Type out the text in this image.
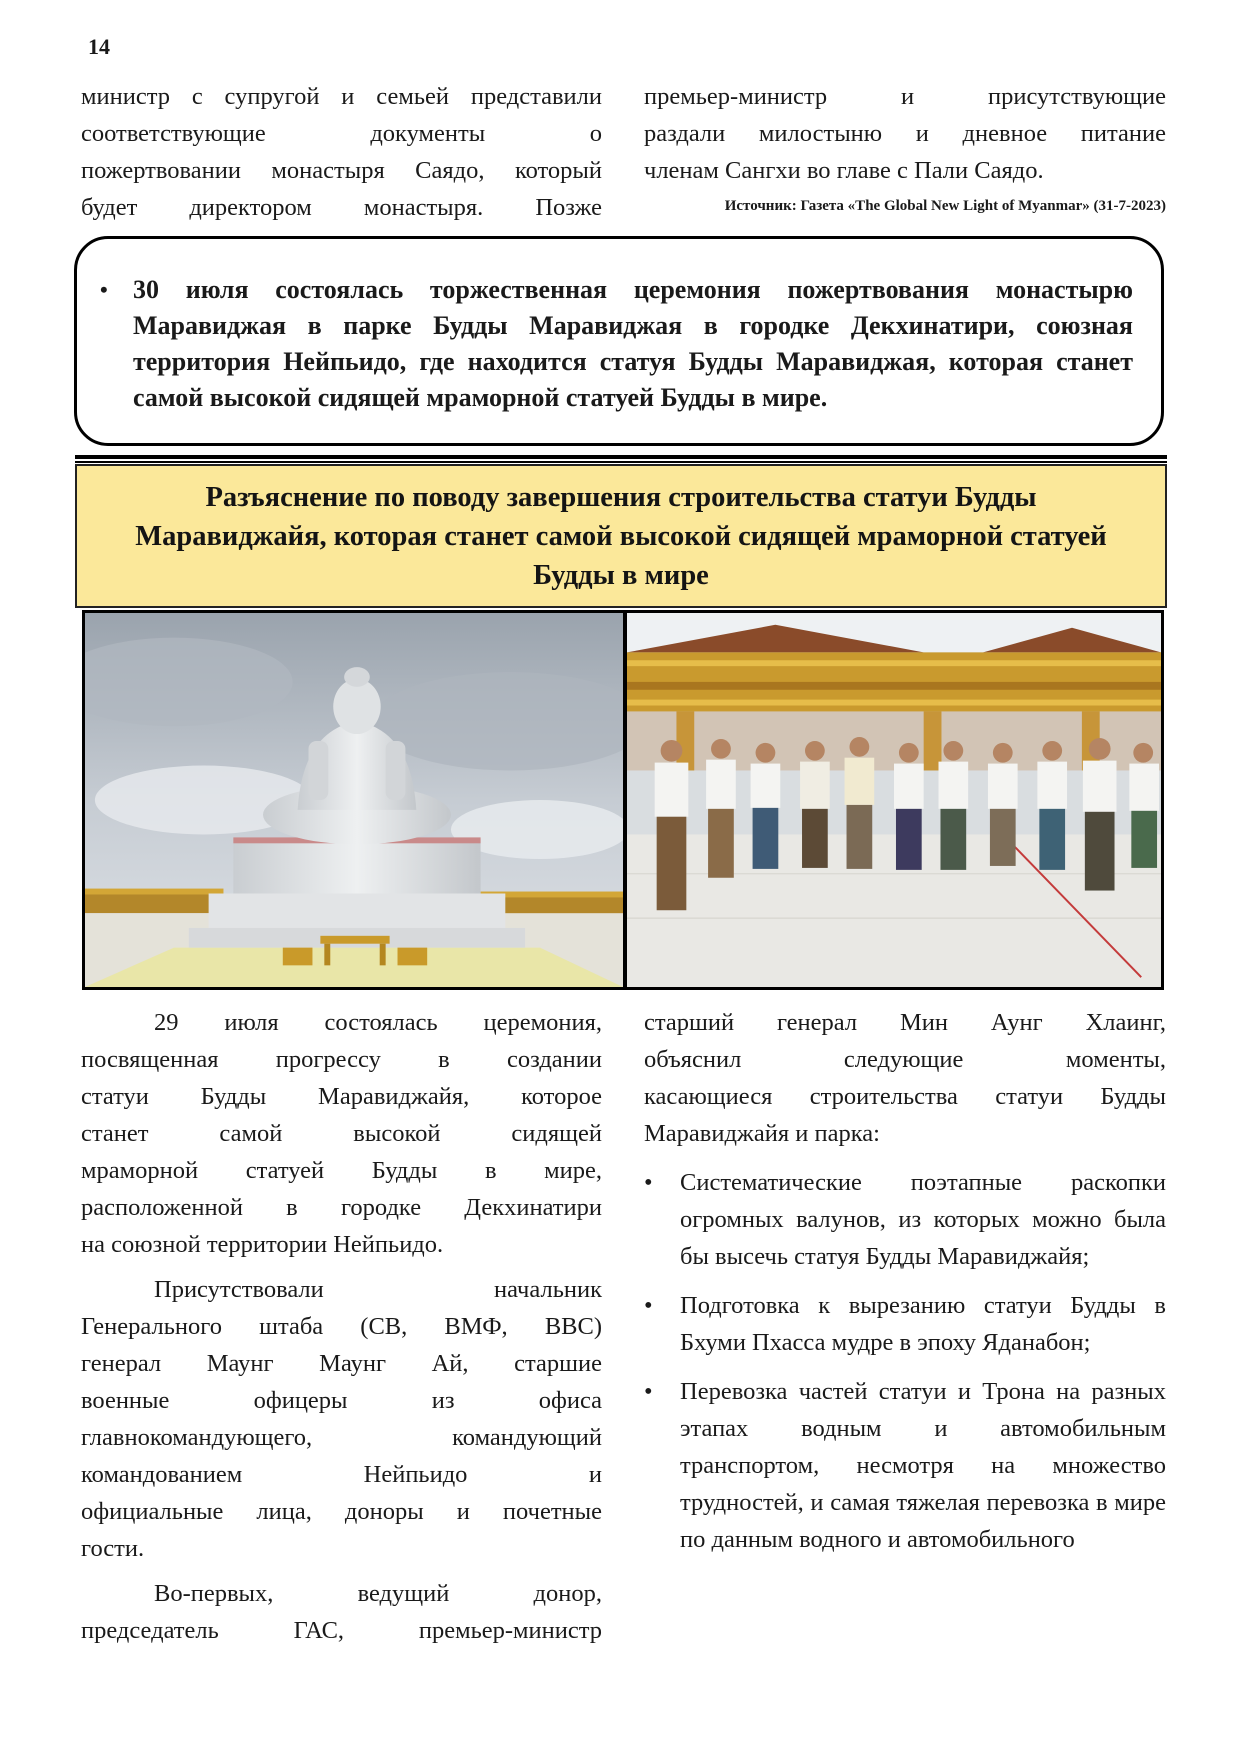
14
министр с супругой и семьей представили
соответствующие документы о
пожертвовании монастыря Саядо, который
будет директором монастыря. Позже
премьер-министр и присутствующие
раздали милостыню и дневное питание
членам Сангхи во главе с Пали Саядо.
Источник: Газета «The Global New Light of Myanmar» (31-7-2023)
• 30 июля состоялась торжественная церемония пожертвования монастырю Маравиджая в парке Будды Маравиджая в городке Декхинатири, союзная территория Нейпьидо, где находится статуя Будды Маравиджая, которая станет самой высокой сидящей мраморной статуей Будды в мире.
Разъяснение по поводу завершения строительства статуи Будды
Маравиджайя, которая станет самой высокой сидящей мраморной статуей
Будды в мире
29 июля состоялась церемония,
посвященная прогрессу в создании
статуи Будды Маравиджайя, которое
станет самой высокой сидящей
мраморной статуей Будды в мире,
расположенной в городке Декхинатири
на союзной территории Нейпьидо.
Присутствовали начальник
Генерального штаба (СВ, ВМФ, ВВС)
генерал Маунг Маунг Ай, старшие
военные офицеры из офиса
главнокомандующего, командующий
командованием Нейпьидо и
официальные лица, доноры и почетные
гости.
Во-первых, ведущий донор,
председатель ГАС, премьер-министр
старший генерал Мин Аунг Хлаинг,
объяснил следующие моменты,
касающиеся строительства статуи Будды
Маравиджайя и парка:
• Систематические поэтапные раскопки огромных валунов, из которых можно была бы высечь статуя Будды Маравиджайя;
• Подготовка к вырезанию статуи Будды в Бхуми Пхасса мудре в эпоху Яданабон;
• Перевозка частей статуи и Трона на разных этапах водным и автомобильным транспортом, несмотря на множество трудностей, и самая тяжелая перевозка в мире по данным водного и автомобильного
